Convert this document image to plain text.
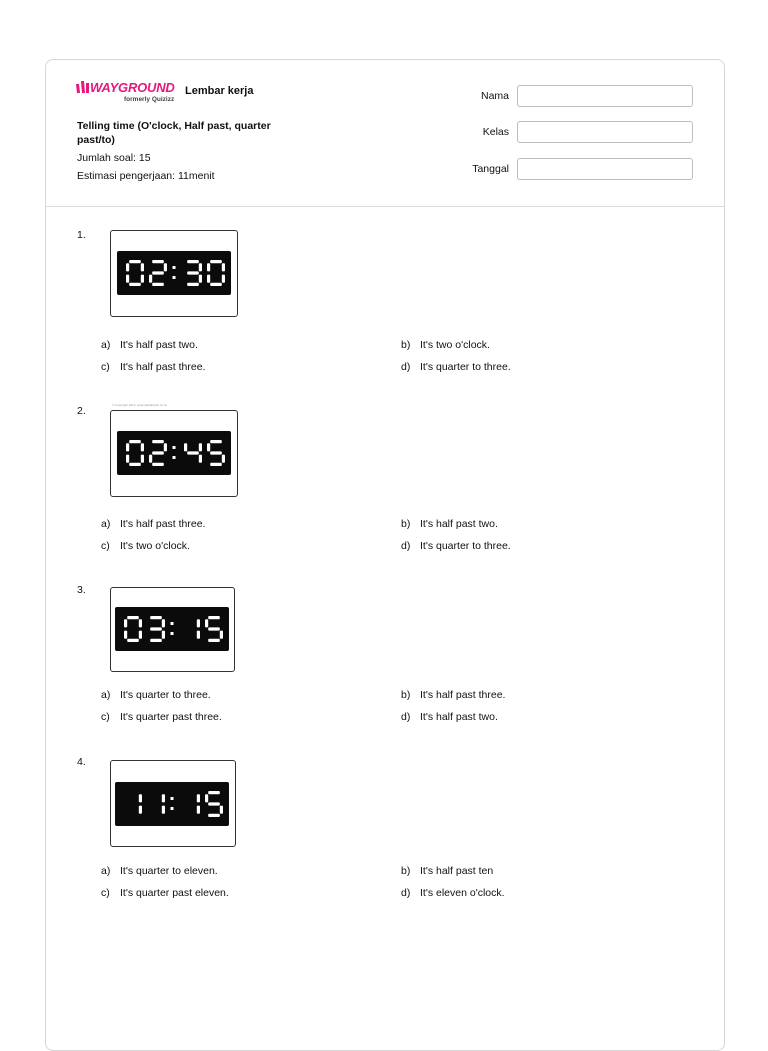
WAYGROUND
formerly Quizizz
Lembar kerja
Telling time (O'clock, Half past, quarter past/to)
Jumlah soal: 15
Estimasi pengerjaan: 11menit
Nama
Kelas
Tanggal
1.
a) It's half past two.	b) It's two o'clock.
c) It's half past three.	d) It's quarter to three.
2.	© Copyright 2014, www.digitalclock.co.uk
a) It's half past three.	b) It's half past two.
c) It's two o'clock.	d) It's quarter to three.
3.
a) It's quarter to three.	b) It's half past three.
c) It's quarter past three.	d) It's half past two.
4.
a) It's quarter to eleven.	b) It's half past ten
c) It's quarter past eleven.	d) It's eleven o'clock.
